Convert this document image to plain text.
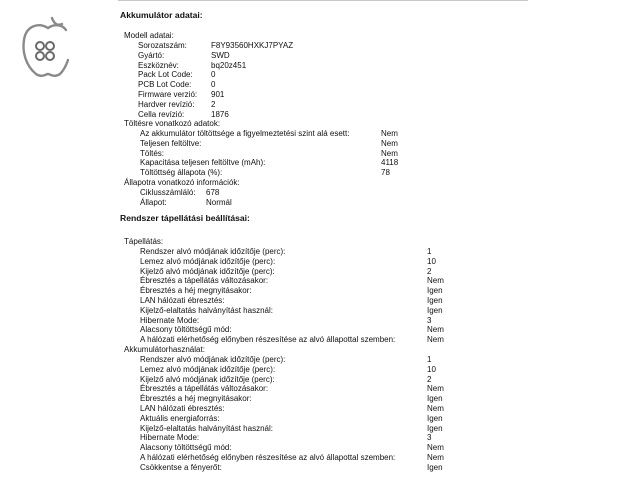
Akkumulátor adatai:
Modell adatai:
Sorozatszám:	F8Y93560HXKJ7PYAZ
Gyártó:	SWD
Eszköznév:	bq20z451
Pack Lot Code: 0
PCB Lot Code: 0
Firmware verzió: 901
Hardver revízió: 2
Cella revízió:	1876
Töltésre vonatkozó adatok:
Az akkumulátor töltöttsége a figyelmeztetési szint alá esett:	Nem
Teljesen feltöltve:	Nem
Töltés:	Nem
Kapacitása teljesen feltöltve (mAh):	4118
Töltöttség állapota (%):	78
Állapotra vonatkozó információk:
Ciklusszámláló: 678
Állapot:	Normál
Rendszer tápellátási beállításai:
Tápellátás:
Rendszer alvó módjának időzítője (perc):	1
Lemez alvó módjának időzítője (perc):	10
Kijelző alvó módjának időzítője (perc):	2
Ébresztés a tápellátás változásakor:	Nem
Ébresztés a héj megnyitásakor:	Igen
LAN hálózati ébresztés:	Igen
Kijelző-elaltatás halványítást használ:	Igen
Hibernate Mode:	3
Alacsony töltöttségű mód:	Nem
A hálózati elérhetőség előnyben részesítése az alvó állapottal szemben:	Nem
Akkumulátorhasználat:
Rendszer alvó módjának időzítője (perc):	1
Lemez alvó módjának időzítője (perc):	10
Kijelző alvó módjának időzítője (perc):	2
Ébresztés a tápellátás változásakor:	Nem
Ébresztés a héj megnyitásakor:	Igen
LAN hálózati ébresztés:	Nem
Aktuális energiaforrás:	Igen
Kijelző-elaltatás halványítást használ:	Igen
Hibernate Mode:	3
Alacsony töltöttségű mód:	Nem
A hálózati elérhetőség előnyben részesítése az alvó állapottal szemben:	Nem
Csökkentse a fényerőt:	Igen
